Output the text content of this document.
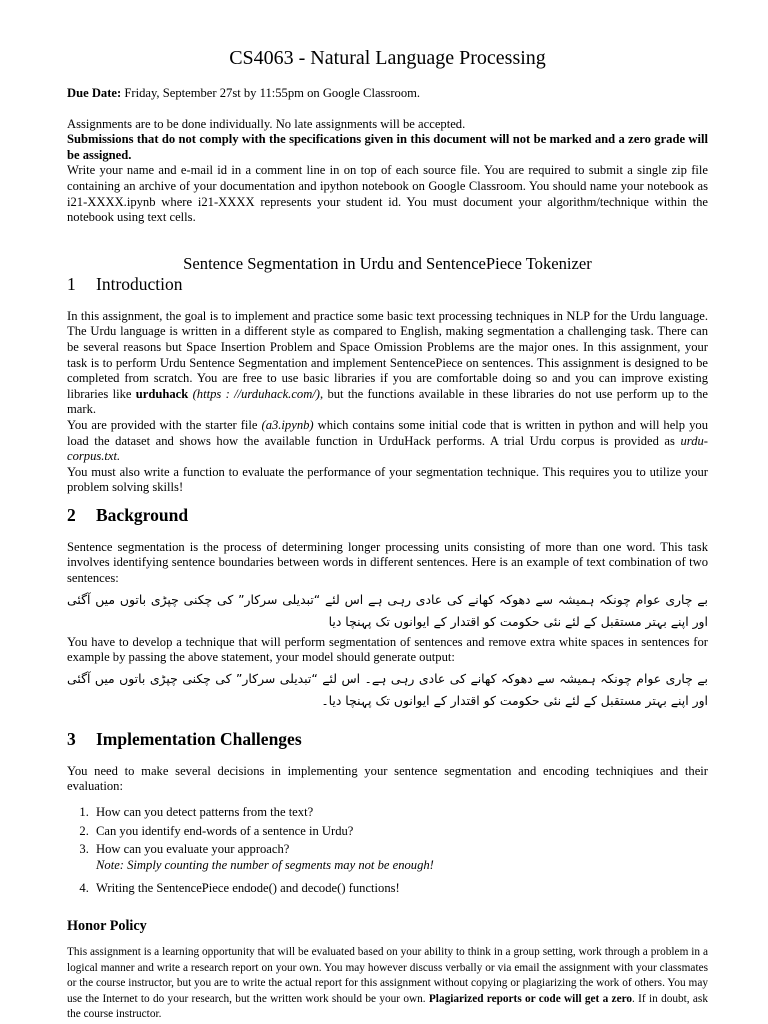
CS4063 - Natural Language Processing

Due Date: Friday, September 27st by 11:55pm on Google Classroom.

Assignments are to be done individually. No late assignments will be accepted.

Submissions that do not comply with the specifications given in this document will not be marked and a zero grade will be assigned.

Write your name and e-mail id in a comment line in on top of each source file. You are required to submit a single zip file containing an archive of your documentation and ipython notebook on Google Classroom. You should name your notebook as i21-XXXX.ipynb where i21-XXXX represents your student id. You must document your algorithm/technique within the notebook using text cells.

Sentence Segmentation in Urdu and SentencePiece Tokenizer
1 Introduction

In this assignment, the goal is to implement and practice some basic text processing techniques in NLP for the Urdu language. The Urdu language is written in a different style as compared to English, making segmentation a challenging task. There can be several reasons but Space Insertion Problem and Space Omission Problems are the major ones. In this assignment, your task is to perform Urdu Sentence Segmentation and implement SentencePiece on sentences. This assignment is designed to be completed from scratch. You are free to use basic libraries if you are comfortable doing so and you can improve existing libraries like urduhack (https : //urduhack.com/), but the functions available in these libraries do not use perform up to the mark.

You are provided with the starter file (a3.ipynb) which contains some initial code that is written in python and will help you load the dataset and shows how the available function in UrduHack performs. A trial Urdu corpus is provided as urdu-corpus.txt.

You must also write a function to evaluate the performance of your segmentation technique. This requires you to utilize your problem solving skills!

2 Background

Sentence segmentation is the process of determining longer processing units consisting of more than one word. This task involves identifying sentence boundaries between words in different sentences. Here is an example of text combination of two sentences:

بے چاری عوام چونکہ ہمیشہ سے دھوکہ کھانے کی عادی رہی ہے اس لئے “تبدیلی سرکار” کی چکنی چپڑی باتوں میں آگئی اور اپنے بہتر مستقبل کے لئے نئی حکومت کو اقتدار کے ایوانوں تک پہنچا دیا

You have to develop a technique that will perform segmentation of sentences and remove extra white spaces in sentences for example by passing the above statement, your model should generate output:

بے چاری عوام چونکہ ہمیشہ سے دھوکہ کھانے کی عادی رہی ہے۔ اس لئے “تبدیلی سرکار” کی چکنی چپڑی باتوں میں آگئی اور اپنے بہتر مستقبل کے لئے نئی حکومت کو اقتدار کے ایوانوں تک پہنچا دیا۔
3 Implementation Challenges

You need to make several decisions in implementing your sentence segmentation and encoding techniqiues and their evaluation:

1. How can you detect patterns from the text?
2. Can you identify end-words of a sentence in Urdu?
3. How can you evaluate your approach?
Note: Simply counting the number of segments may not be enough!
4. Writing the SentencePiece endode() and decode() functions!
Honor Policy

This assignment is a learning opportunity that will be evaluated based on your ability to think in a group setting, work through a problem in a logical manner and write a research report on your own. You may however discuss verbally or via email the assignment with your classmates or the course instructor, but you are to write the actual report for this assignment without copying or plagiarizing the work of others. You may use the Internet to do your research, but the written work should be your own. Plagiarized reports or code will get a zero. If in doubt, ask the course instructor.
